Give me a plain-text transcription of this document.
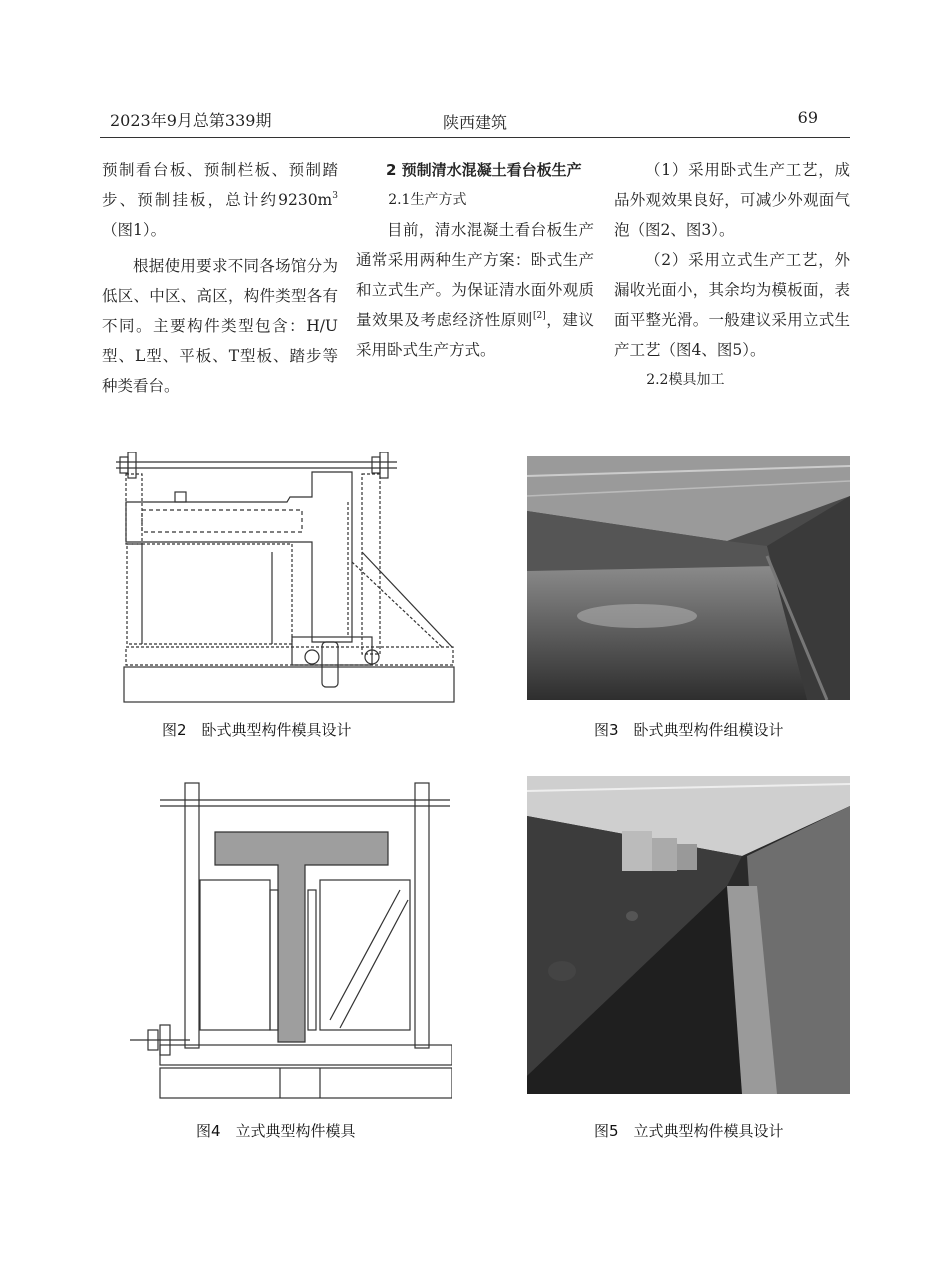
2023年9月总第339期	陕西建筑	69

预制看台板、预制栏板、预制踏步、预制挂板，总计约$9230m^3$（图1）。

根据使用要求不同各场馆分为低区、中区、高区，构件类型各有不同。主要构件类型包含：H/U型、L型、平板、T型板、踏步等种类看台。

2 预制清水混凝土看台板生产

2.1生产方式

目前，清水混凝土看台板生产通常采用两种生产方案：卧式生产和立式生产。为保证清水面外观质量效果及考虑经济性原则[2]，建议采用卧式生产方式。

（1）采用卧式生产工艺，成品外观效果良好，可减少外观面气泡（图2、图3）。

（2）采用立式生产工艺，外漏收光面小，其余均为模板面，表面平整光滑。一般建议采用立式生产工艺（图4、图5）。

2.2模具加工

图2　卧式典型构件模具设计	图3　卧式典型构件组模设计
图4　立式典型构件模具	图5　立式典型构件模具设计
